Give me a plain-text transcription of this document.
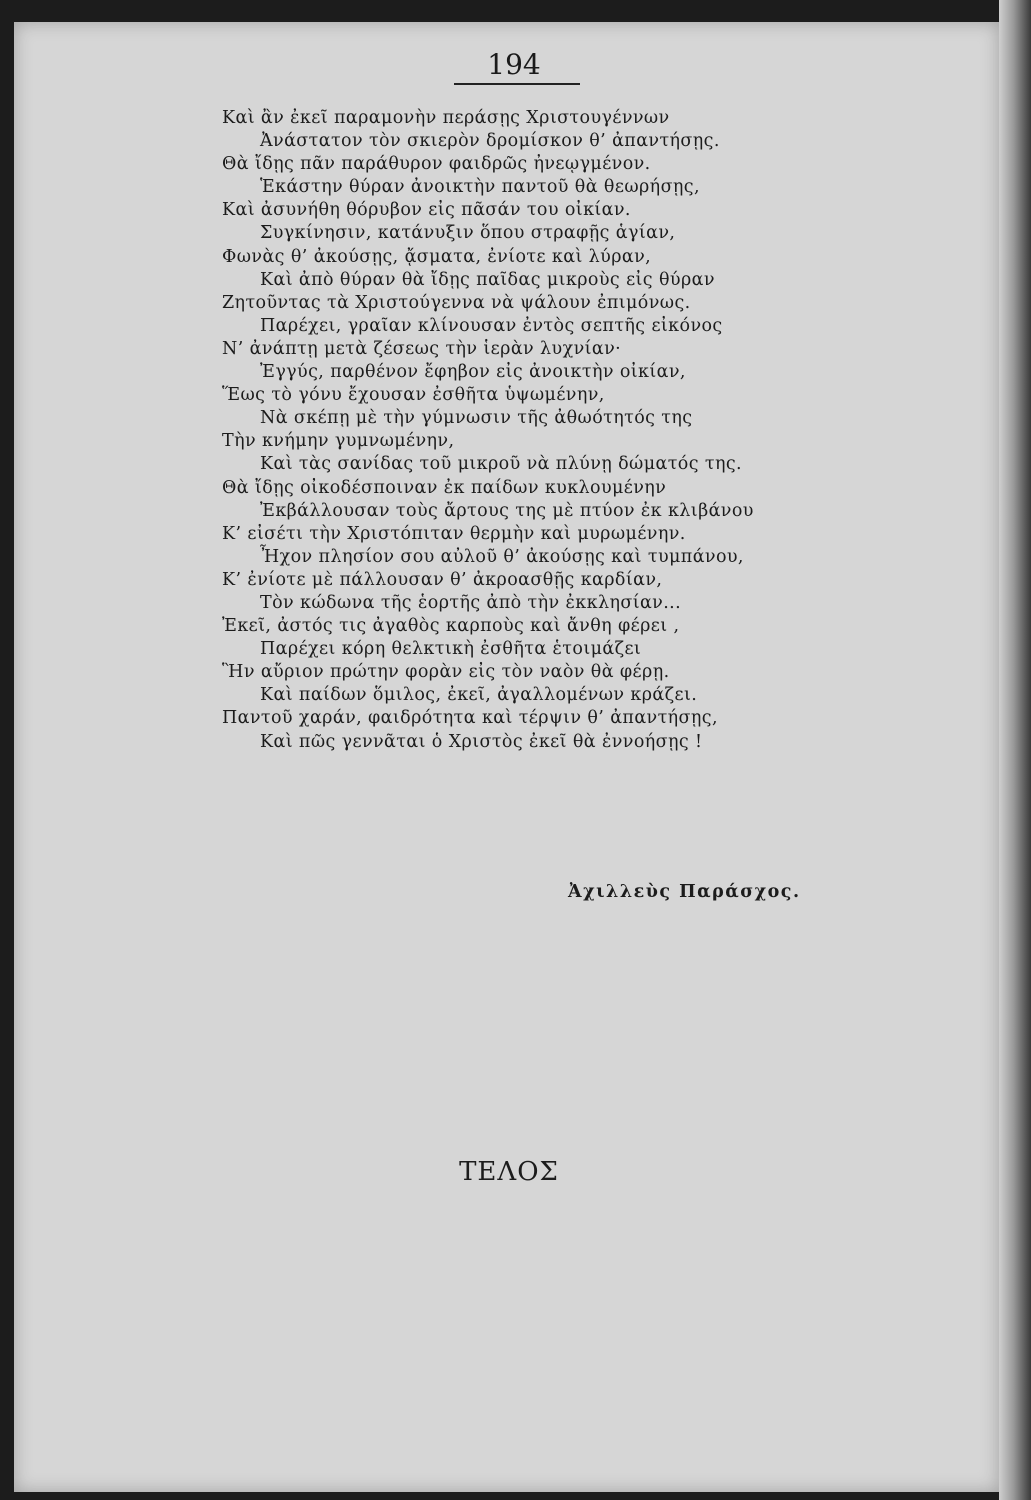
194
Καὶ ἂν ἐκεῖ παραμονὴν περάσῃς Χριστουγέννων
Ἀνάστατον τὸν σκιερὸν δρομίσκον θ’ ἀπαντήσῃς.
Θὰ ἴδῃς πᾶν παράθυρον φαιδρῶς ἠνεῳγμένον.
Ἑκάστην θύραν ἀνοικτὴν παντοῦ θὰ θεωρήσῃς,
Καὶ ἀσυνήθη θόρυβον εἰς πᾶσάν του οἰκίαν.
Συγκίνησιν, κατάνυξιν ὅπου στραφῇς ἁγίαν,
Φωνὰς θ’ ἀκούσῃς, ᾄσματα, ἐνίοτε καὶ λύραν,
Καὶ ἀπὸ θύραν θὰ ἴδῃς παῖδας μικροὺς εἰς θύραν
Ζητοῦντας τὰ Χριστούγεννα νὰ ψάλουν ἐπιμόνως.
Παρέχει, γραῖαν κλίνουσαν ἐντὸς σεπτῆς εἰκόνος
Ν’ ἀνάπτῃ μετὰ ζέσεως τὴν ἱερὰν λυχνίαν·
Ἐγγύς, παρθένον ἔφηβον εἰς ἀνοικτὴν οἰκίαν,
Ἕως τὸ γόνυ ἔχουσαν ἐσθῆτα ὑψωμένην,
Νὰ σκέπῃ μὲ τὴν γύμνωσιν τῆς ἀθωότητός της
Τὴν κνήμην γυμνωμένην,
Καὶ τὰς σανίδας τοῦ μικροῦ νὰ πλύνῃ δώματός της.
Θὰ ἴδῃς οἰκοδέσποιναν ἐκ παίδων κυκλουμένην
Ἐκβάλλουσαν τοὺς ἄρτους της μὲ πτύον ἐκ κλιβάνου
Κ’ εἰσέτι τὴν Χριστόπιταν θερμὴν καὶ μυρωμένην.
Ἦχον πλησίον σου αὐλοῦ θ’ ἀκούσῃς καὶ τυμπάνου,
Κ’ ἐνίοτε μὲ πάλλουσαν θ’ ἀκροασθῇς καρδίαν,
Τὸν κώδωνα τῆς ἑορτῆς ἀπὸ τὴν ἐκκλησίαν...
Ἐκεῖ, ἀστός τις ἀγαθὸς καρποὺς καὶ ἄνθη φέρει ,
Παρέχει κόρη θελκτικὴ ἐσθῆτα ἑτοιμάζει
Ἣν αὔριον πρώτην φορὰν εἰς τὸν ναὸν θὰ φέρῃ.
Καὶ παίδων ὅμιλος, ἐκεῖ, ἀγαλλομένων κράζει.
Παντοῦ χαράν, φαιδρότητα καὶ τέρψιν θ’ ἀπαντήσῃς,
Καὶ πῶς γεννᾶται ὁ Χριστὸς ἐκεῖ θὰ ἐννοήσῃς !
Ἀχιλλεὺς Παράσχος.
ΤΕΛΟΣ
